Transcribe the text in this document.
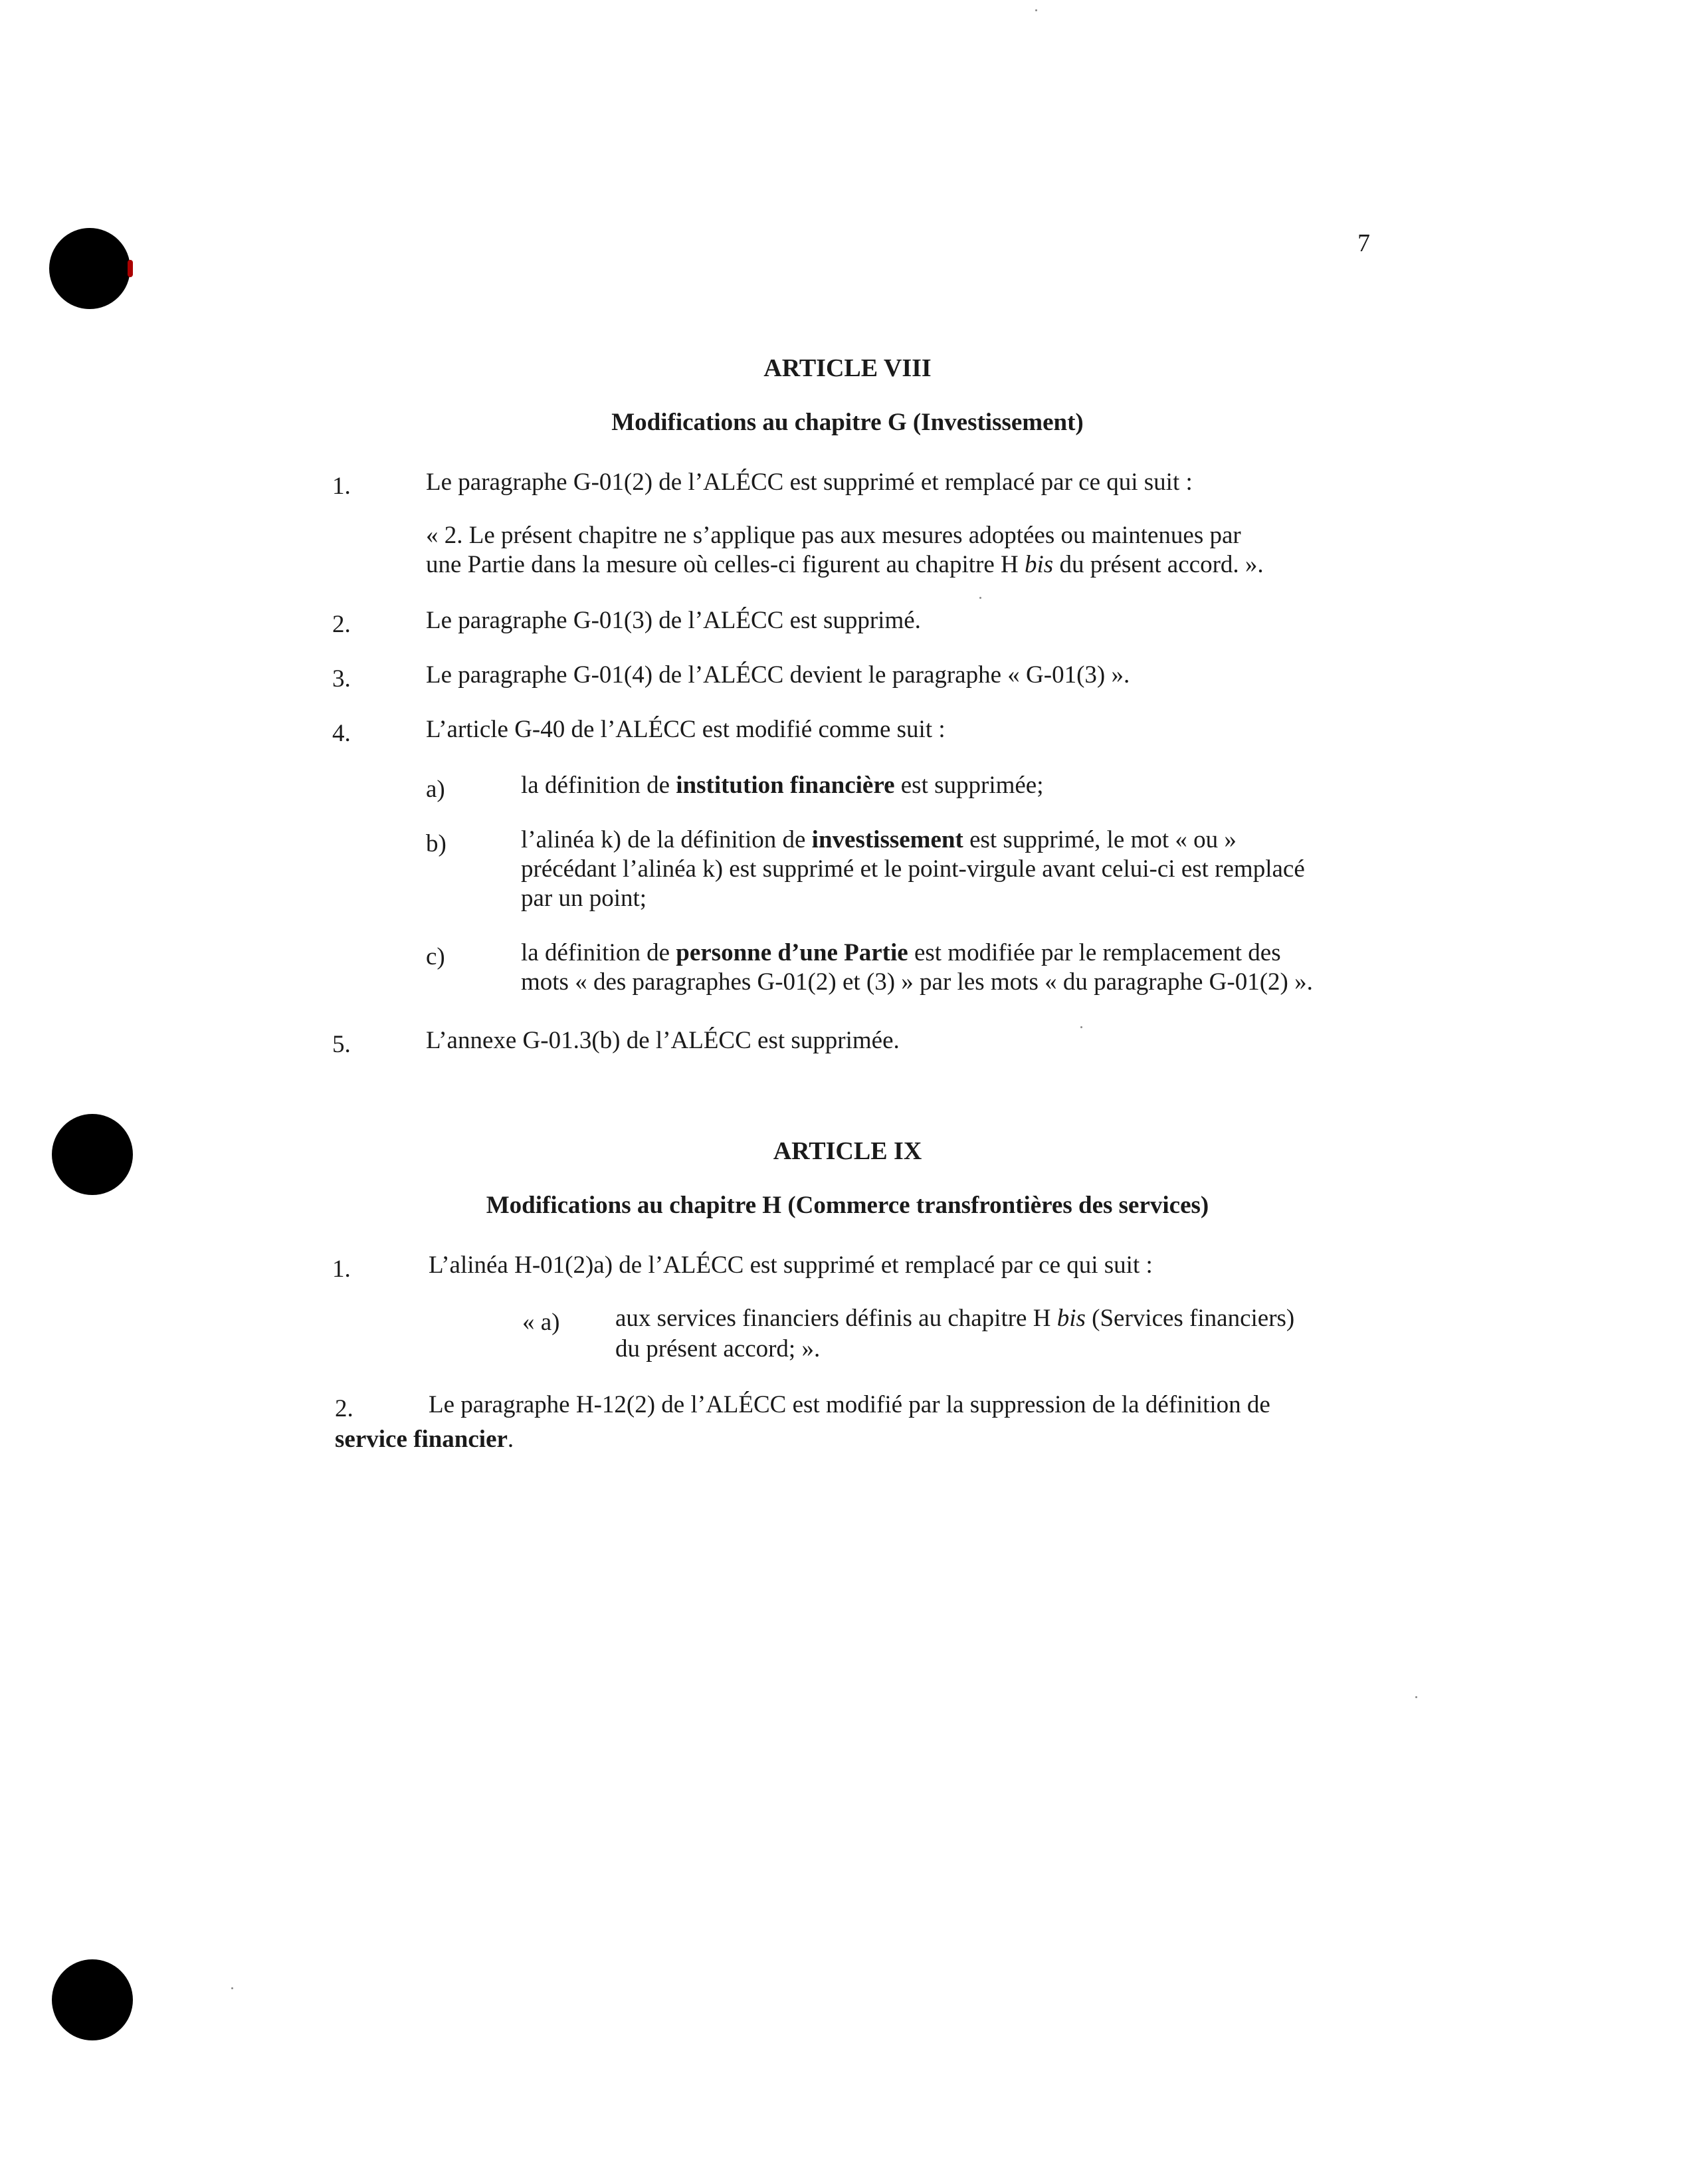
7
ARTICLE VIII
Modifications au chapitre G (Investissement)
1.	Le paragraphe G-01(2) de l’ALÉCC est supprimé et remplacé par ce qui suit :
« 2. Le présent chapitre ne s’applique pas aux mesures adoptées ou maintenues par
une Partie dans la mesure où celles-ci figurent au chapitre H bis du présent accord. ».
2.	Le paragraphe G-01(3) de l’ALÉCC est supprimé.
3.	Le paragraphe G-01(4) de l’ALÉCC devient le paragraphe « G-01(3) ».
4.	L’article G-40 de l’ALÉCC est modifié comme suit :
a)	la définition de institution financière est supprimée;
b)	l’alinéa k) de la définition de investissement est supprimé, le mot « ou »
précédant l’alinéa k) est supprimé et le point-virgule avant celui-ci est remplacé
par un point;
c)	la définition de personne d’une Partie est modifiée par le remplacement des
mots « des paragraphes G-01(2) et (3) » par les mots « du paragraphe G-01(2) ».
5.	L’annexe G-01.3(b) de l’ALÉCC est supprimée.
ARTICLE IX
Modifications au chapitre H (Commerce transfrontières des services)
1.	L’alinéa H-01(2)a) de l’ALÉCC est supprimé et remplacé par ce qui suit :
« a) aux services financiers définis au chapitre H bis (Services financiers)
du présent accord; ».
2.	Le paragraphe H-12(2) de l’ALÉCC est modifié par la suppression de la définition de
service financier.
